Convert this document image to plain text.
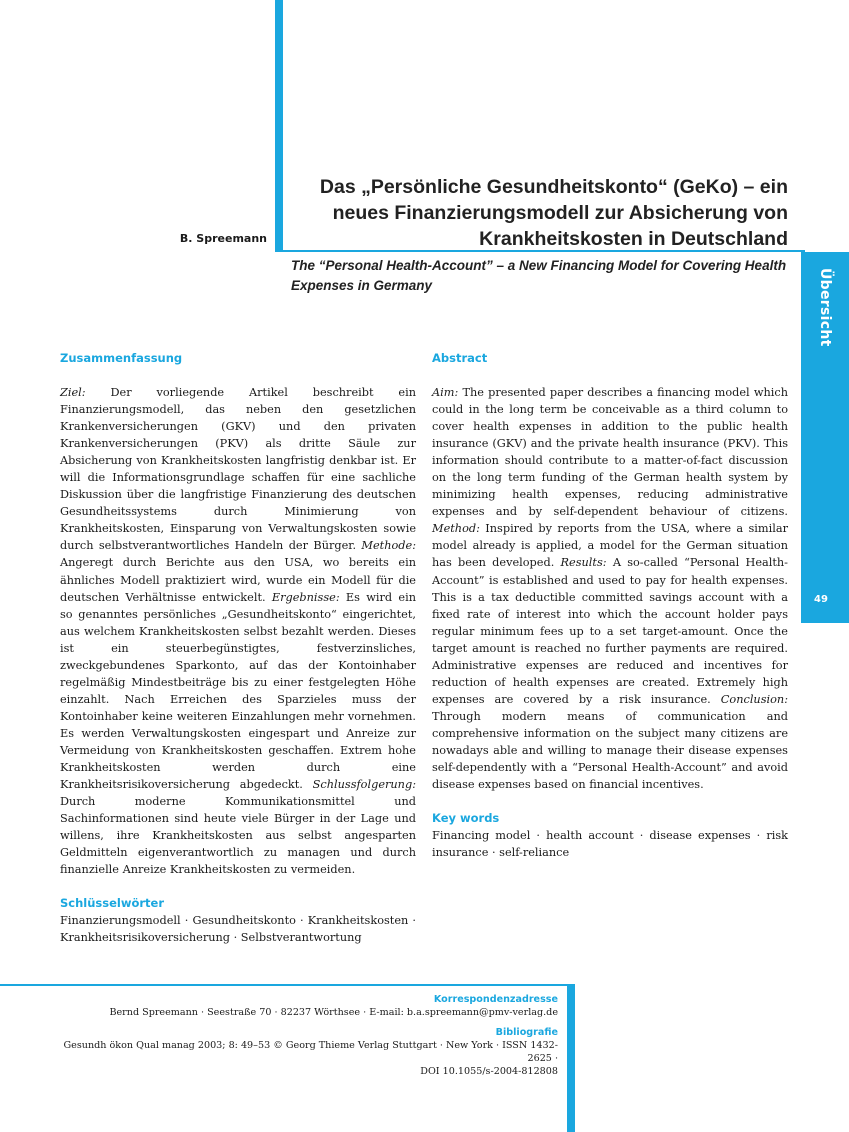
Übersicht
49
B. Spreemann
Das „Persönliche Gesundheitskonto“ (GeKo) – ein
neues Finanzierungsmodell zur Absicherung von
Krankheitskosten in Deutschland
The “Personal Health-Account” – a New Financing Model for Covering Health
Expenses in Germany
Zusammenfassung

Ziel: Der vorliegende Artikel beschreibt ein Finanzierungsmodell, das neben den gesetzlichen Krankenversicherungen (GKV) und den privaten Krankenversicherungen (PKV) als dritte Säule zur Absicherung von Krankheitskosten langfristig denkbar ist. Er will die Informationsgrundlage schaffen für eine sachliche Diskussion über die langfristige Finanzierung des deutschen Gesundheitssystems durch Minimierung von Krankheitskosten, Einsparung von Verwaltungskosten sowie durch selbstverantwortliches Handeln der Bürger. Methode: Angeregt durch Berichte aus den USA, wo bereits ein ähnliches Modell praktiziert wird, wurde ein Modell für die deutschen Verhältnisse entwickelt. Ergebnisse: Es wird ein so genanntes persönliches „Gesundheitskonto“ eingerichtet, aus welchem Krankheitskosten selbst bezahlt werden. Dieses ist ein steuerbegünstigtes, festverzinsliches, zweckgebundenes Sparkonto, auf das der Kontoinhaber regelmäßig Mindestbeiträge bis zu einer festgelegten Höhe einzahlt. Nach Erreichen des Sparzieles muss der Kontoinhaber keine weiteren Einzahlungen mehr vornehmen. Es werden Verwaltungskosten eingespart und Anreize zur Vermeidung von Krankheitskosten geschaffen. Extrem hohe Krankheitskosten werden durch eine Krankheitsrisikoversicherung abgedeckt. Schlussfolgerung: Durch moderne Kommunikationsmittel und Sachinformationen sind heute viele Bürger in der Lage und willens, ihre Krankheitskosten aus selbst angesparten Geldmitteln eigenverantwortlich zu managen und durch finanzielle Anreize Krankheitskosten zu vermeiden.

Schlüsselwörter

Finanzierungsmodell · Gesundheitskonto · Krankheitskosten · Krankheitsrisikoversicherung · Selbstverantwortung

Abstract

Aim: The presented paper describes a financing model which could in the long term be conceivable as a third column to cover health expenses in addition to the public health insurance (GKV) and the private health insurance (PKV). This information should contribute to a matter-of-fact discussion on the long term funding of the German health system by minimizing health expenses, reducing administrative expenses and by self-dependent behaviour of citizens. Method: Inspired by reports from the USA, where a similar model already is applied, a model for the German situation has been developed. Results: A so-called “Personal Health-Account” is established and used to pay for health expenses. This is a tax deductible committed savings account with a fixed rate of interest into which the account holder pays regular minimum fees up to a set target-amount. Once the target amount is reached no further payments are required. Administrative expenses are reduced and incentives for reduction of health expenses are created. Extremely high expenses are covered by a risk insurance. Conclusion: Through modern means of communication and comprehensive information on the subject many citizens are nowadays able and willing to manage their disease expenses self-dependently with a “Personal Health-Account” and avoid disease expenses based on financial incentives.

Key words

Financing model · health account · disease expenses · risk insurance · self-reliance

Korrespondenzadresse
Bernd Spreemann · Seestraße 70 · 82237 Wörthsee · E-mail: b.a.spreemann@pmv-verlag.de
Bibliografie
Gesundh ökon Qual manag 2003; 8: 49–53 © Georg Thieme Verlag Stuttgart · New York · ISSN 1432-2625 ·
DOI 10.1055/s-2004-812808
